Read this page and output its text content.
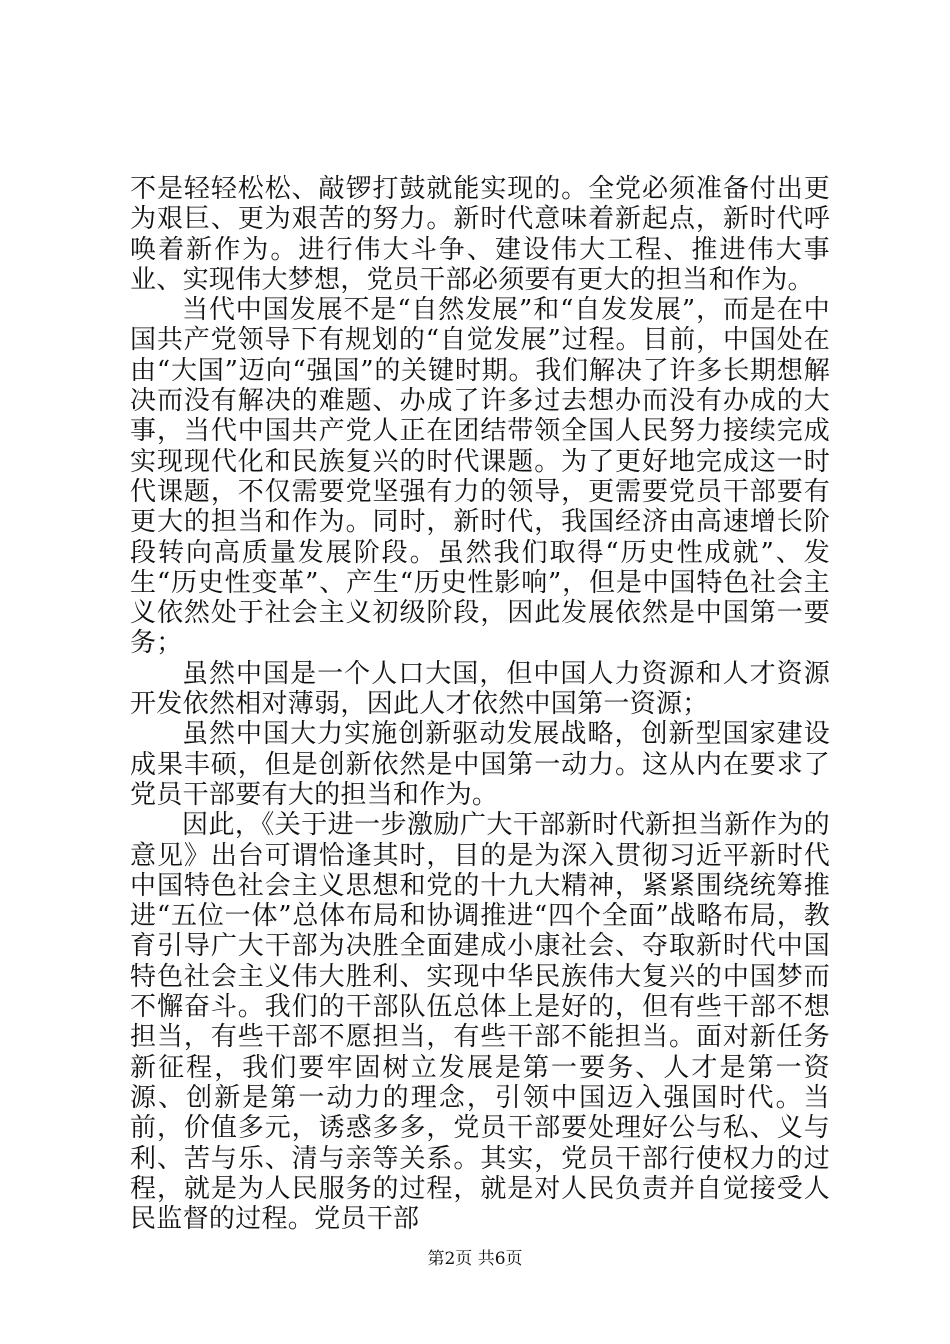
不是轻轻松松、敲锣打鼓就能实现的。全党必须准备付出更为艰巨、更为艰苦的努力。新时代意味着新起点，新时代呼唤着新作为。进行伟大斗争、建设伟大工程、推进伟大事业、实现伟大梦想，党员干部必须要有更大的担当和作为。

当代中国发展不是“自然发展”和“自发发展”，而是在中国共产党领导下有规划的“自觉发展”过程。目前，中国处在由“大国”迈向“强国”的关键时期。我们解决了许多长期想解决而没有解决的难题、办成了许多过去想办而没有办成的大事，当代中国共产党人正在团结带领全国人民努力接续完成实现现代化和民族复兴的时代课题。为了更好地完成这一时代课题，不仅需要党坚强有力的领导，更需要党员干部要有更大的担当和作为。同时，新时代，我国经济由高速增长阶段转向高质量发展阶段。虽然我们取得“历史性成就”、发生“历史性变革”、产生“历史性影响”，但是中国特色社会主义依然处于社会主义初级阶段，因此发展依然是中国第一要务；

虽然中国是一个人口大国，但中国人力资源和人才资源开发依然相对薄弱，因此人才依然中国第一资源；

虽然中国大力实施创新驱动发展战略，创新型国家建设成果丰硕，但是创新依然是中国第一动力。这从内在要求了党员干部要有大的担当和作为。

因此，《关于进一步激励广大干部新时代新担当新作为的意见》出台可谓恰逢其时，目的是为深入贯彻习近平新时代中国特色社会主义思想和党的十九大精神，紧紧围绕统筹推进“五位一体”总体布局和协调推进“四个全面”战略布局，教育引导广大干部为决胜全面建成小康社会、夺取新时代中国特色社会主义伟大胜利、实现中华民族伟大复兴的中国梦而不懈奋斗。我们的干部队伍总体上是好的，但有些干部不想担当，有些干部不愿担当，有些干部不能担当。面对新任务新征程，我们要牢固树立发展是第一要务、人才是第一资源、创新是第一动力的理念，引领中国迈入强国时代。当前，价值多元，诱惑多多，党员干部要处理好公与私、义与利、苦与乐、清与亲等关系。其实，党员干部行使权力的过程，就是为人民服务的过程，就是对人民负责并自觉接受人民监督的过程。党员干部

第2页 共6页
